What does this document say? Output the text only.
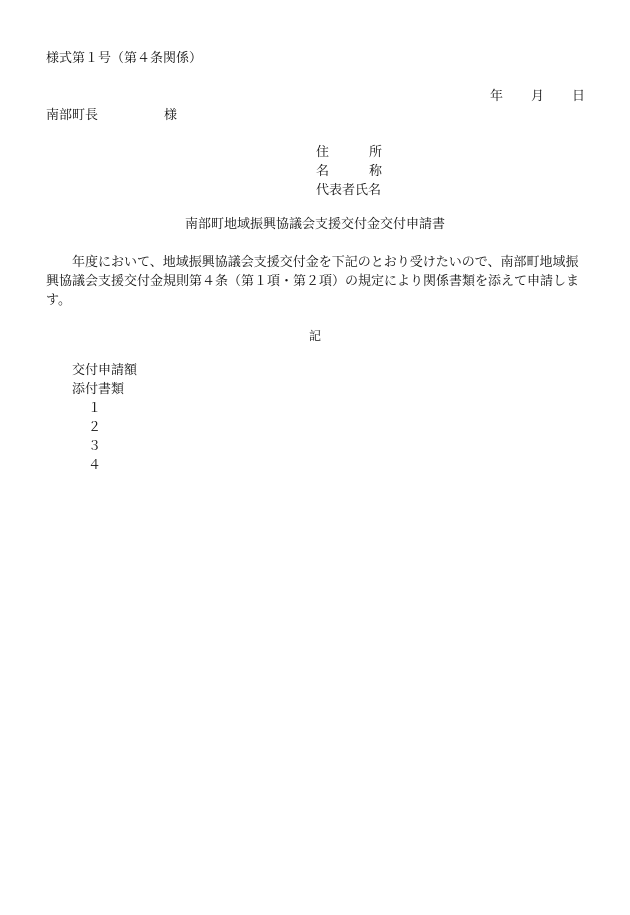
様式第１号（第４条関係）
年 月 日
南部町長	様
住所
名称
代表者氏名
南部町地域振興協議会支援交付金交付申請書

年度において、地域振興協議会支援交付金を下記のとおり受けたいので、南部町地域振興協議会支援交付金規則第４条（第１項・第２項）の規定により関係書類を添えて申請します。

記
交付申請額
添付書類
１
２
３
４
